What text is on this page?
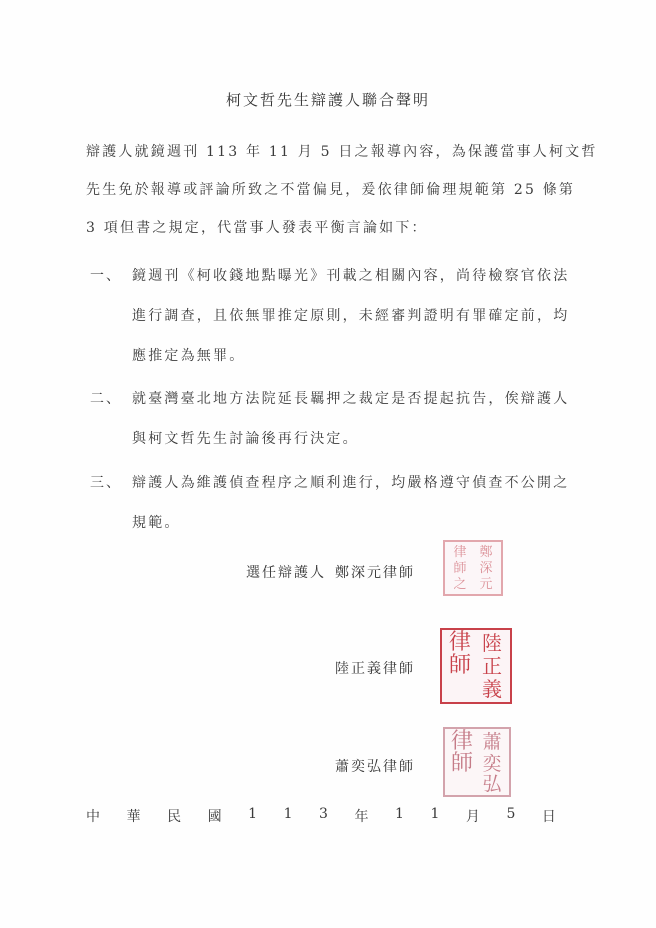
柯文哲先生辯護人聯合聲明
辯護人就鏡週刊 113 年 11 月 5 日之報導內容，為保護當事人柯文哲
先生免於報導或評論所致之不當偏見，爰依律師倫理規範第 25 條第
3 項但書之規定，代當事人發表平衡言論如下：
一、 鏡週刊《柯收錢地點曝光》刊載之相關內容，尚待檢察官依法
進行調查，且依無罪推定原則，未經審判證明有罪確定前，均
應推定為無罪。
二、 就臺灣臺北地方法院延長羈押之裁定是否提起抗告，俟辯護人
與柯文哲先生討論後再行決定。
三、 辯護人為維護偵查程序之順利進行，均嚴格遵守偵查不公開之
規範。
選任辯護人 鄭深元律師
律
師
之
鄭
深
元
陸正義律師
律
師
陸
正
義
蕭奕弘律師
律
師
蕭
奕
弘
中 華 民 國 1 1 3 年 1 1 月 5 日
